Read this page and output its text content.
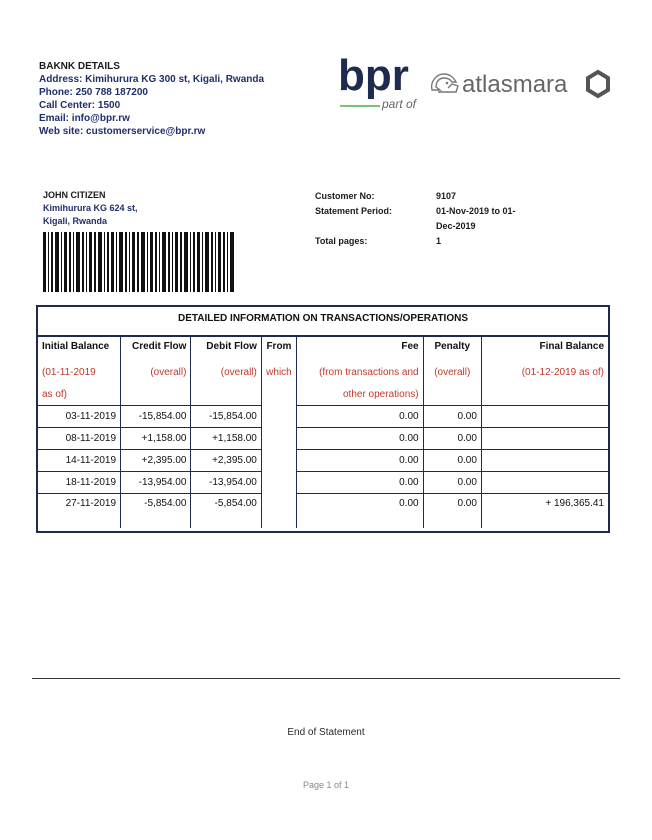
BAKNK DETAILS
Address: Kimihurura KG 300 st, Kigali, Rwanda
Phone: 250 788 187200
Call Center: 1500
Email: info@bpr.rw
Web site: customerservice@bpr.rw
bpr
part of
atlasmara
JOHN CITIZEN
Kimihurura KG 624 st,
Kigali, Rwanda
Customer No:	9107
Statement Period:	01-Nov-2019 to 01-
Dec-2019
Total pages:	1
DETAILED INFORMATION ON TRANSACTIONS/OPERATIONS
Initial Balance	Credit Flow	Debit Flow	From	Fee	Penalty	Final Balance
(01-11-2019	(overall)	(overall)	which	(from transactions and	(overall)	(01-12-2019 as of)
as of)				other operations)		
03-11-2019	-15,854.00	-15,854.00		0.00	0.00	
08-11-2019	+1,158.00	+1,158.00		0.00	0.00	
14-11-2019	+2,395.00	+2,395.00		0.00	0.00	
18-11-2019	-13,954.00	-13,954.00		0.00	0.00	
27-11-2019	-5,854.00	-5,854.00		0.00	0.00	+ 196,365.41

End of Statement
Page 1 of 1
